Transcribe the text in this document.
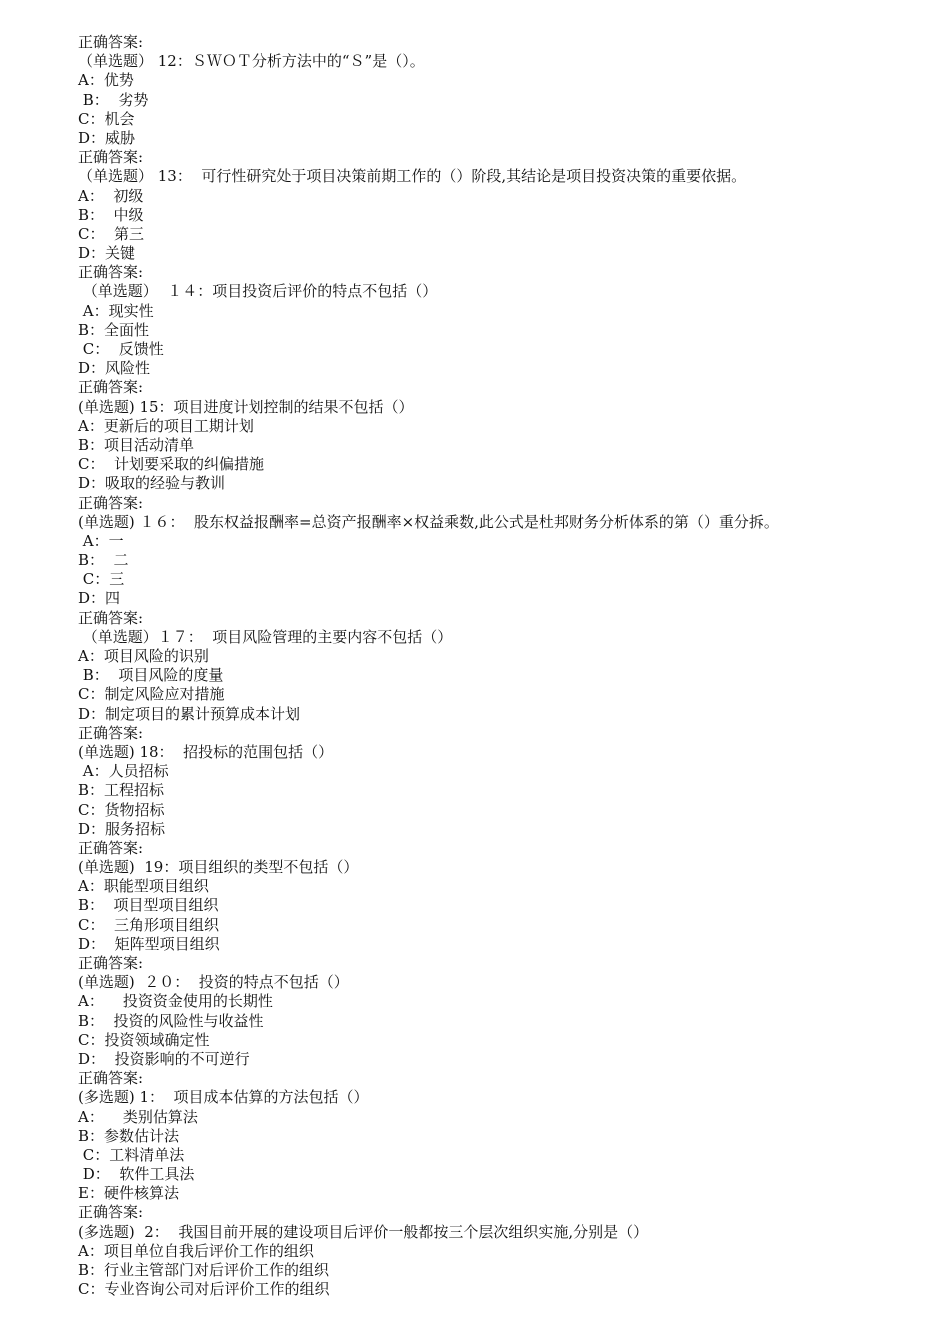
正确答案:
（单选题） 12：ＳＷＯＴ分析方法中的“Ｓ”是（）。
A：优势
B：  劣势
C：机会
D：威胁
正确答案:
（单选题） 13：  可行性研究处于项目决策前期工作的（）阶段,其结论是项目投资决策的重要依据。
A：  初级
B：  中级
C：  第三
D：关键
正确答案:
（单选题）  １４：项目投资后评价的特点不包括（）
A：现实性
B：全面性
C：  反馈性
D：风险性
正确答案:
(单选题) 15：项目进度计划控制的结果不包括（）
A：更新后的项目工期计划
B：项目活动清单
C：  计划要采取的纠偏措施
D：吸取的经验与教训
正确答案:
(单选题) １６：  股东权益报酬率=总资产报酬率×权益乘数,此公式是杜邦财务分析体系的第（）重分拆。
A：一
B：  二
C：三
D：四
正确答案:
（单选题）１７：  项目风险管理的主要内容不包括（）
A：项目风险的识别
B：  项目风险的度量
C：制定风险应对措施
D：制定项目的累计预算成本计划
正确答案:
(单选题) 18：  招投标的范围包括（）
A：人员招标
B：工程招标
C：货物招标
D：服务招标
正确答案:
(单选题)  19：项目组织的类型不包括（）
A：职能型项目组织
B：  项目型项目组织
C：  三角形项目组织
D：  矩阵型项目组织
正确答案:
(单选题)  ２０：  投资的特点不包括（）
A：    投资资金使用的长期性
B：  投资的风险性与收益性
C：投资领域确定性
D：  投资影响的不可逆行
正确答案:
(多选题) 1：  项目成本估算的方法包括（）
A：    类别估算法
B：参数估计法
C：工料清单法
D：  软件工具法
E：硬件核算法
正确答案:
(多选题)  2：  我国目前开展的建设项目后评价一般都按三个层次组织实施,分别是（）
A：项目单位自我后评价工作的组织
B：行业主管部门对后评价工作的组织
C：专业咨询公司对后评价工作的组织
